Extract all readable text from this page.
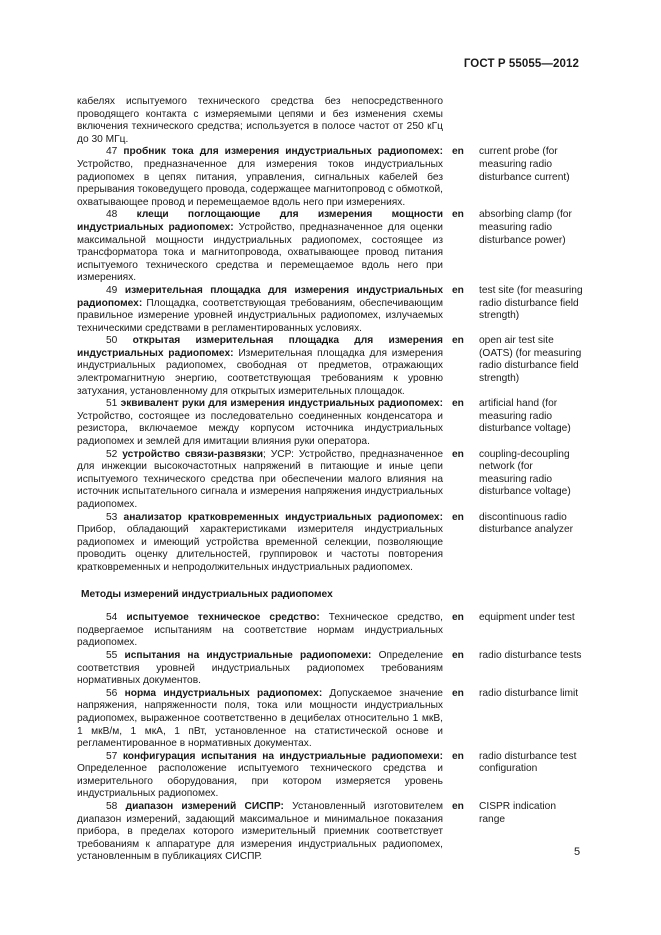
ГОСТ Р 55055—2012
кабелях испытуемого технического средства без непосредственного проводящего контакта с измеряемыми цепями и без изменения схемы включения технического средства; используется в полосе частот от 250 кГц до 30 МГц.
47 пробник тока для измерения индустриальных радиопомех: Устройство, предназначенное для измерения токов индустриальных радиопомех в цепях питания, управления, сигнальных кабелей без прерывания токоведущего провода, содержащее магнитопровод с обмоткой, охватывающее провод и перемещаемое вдоль него при измерениях.
en	current probe (for measuring radio disturbance current)
48 клещи поглощающие для измерения мощности индустриальных радиопомех: Устройство, предназначенное для оценки максимальной мощности индустриальных радиопомех, состоящее из трансформатора тока и магнитопровода, охватывающее провод питания испытуемого технического средства и перемещаемое вдоль него при измерениях.
en	absorbing clamp (for measuring radio disturbance power)
49 измерительная площадка для измерения индустриальных радиопомех: Площадка, соответствующая требованиям, обеспечивающим правильное измерение уровней индустриальных радиопомех, излучаемых техническими средствами в регламентированных условиях.
en	test site (for measuring radio disturbance field strength)
50 открытая измерительная площадка для измерения индустриальных радиопомех: Измерительная площадка для измерения индустриальных радиопомех, свободная от предметов, отражающих электромагнитную энергию, соответствующая требованиям к уровню затухания, установленному для открытых измерительных площадок.
en	open air test site (OATS) (for measuring radio disturbance field strength)
51 эквивалент руки для измерения индустриальных радиопомех: Устройство, состоящее из последовательно соединенных конденсатора и резистора, включаемое между корпусом источника индустриальных радиопомех и землей для имитации влияния руки оператора.
en	artificial hand (for measuring radio disturbance voltage)
52 устройство связи-развязки; УСР: Устройство, предназначенное для инжекции высокочастотных напряжений в питающие и иные цепи испытуемого технического средства при обеспечении малого влияния на источник испытательного сигнала и измерения напряжения индустриальных радиопомех.
en	coupling-decoupling network (for measuring radio disturbance voltage)
53 анализатор кратковременных индустриальных радиопомех: Прибор, обладающий характеристиками измерителя индустриальных радиопомех и имеющий устройства временной селекции, позволяющие проводить оценку длительностей, группировок и частоты повторения кратковременных и непродолжительных индустриальных радиопомех.
en	discontinuous radio disturbance analyzer
Методы измерений индустриальных радиопомех
54 испытуемое техническое средство: Техническое средство, подвергаемое испытаниям на соответствие нормам индустриальных радиопомех.
en	equipment under test
55 испытания на индустриальные радиопомехи: Определение соответствия уровней индустриальных радиопомех требованиям нормативных документов.
en	radio disturbance tests
56 норма индустриальных радиопомех: Допускаемое значение напряжения, напряженности поля, тока или мощности индустриальных радиопомех, выраженное соответственно в децибелах относительно 1 мкВ, 1 мкВ/м, 1 мкА, 1 пВт, установленное на статистической основе и регламентированное в нормативных документах.
en	radio disturbance limit
57 конфигурация испытания на индустриальные радиопомехи: Определенное расположение испытуемого технического средства и измерительного оборудования, при котором измеряется уровень индустриальных радиопомех.
en	radio disturbance test configuration
58 диапазон измерений СИСПР: Установленный изготовителем диапазон измерений, задающий максимальное и минимальное показания прибора, в пределах которого измерительный приемник соответствует требованиям к аппаратуре для измерения индустриальных радиопомех, установленным в публикациях СИСПР.
en	CISPR indication range
5
